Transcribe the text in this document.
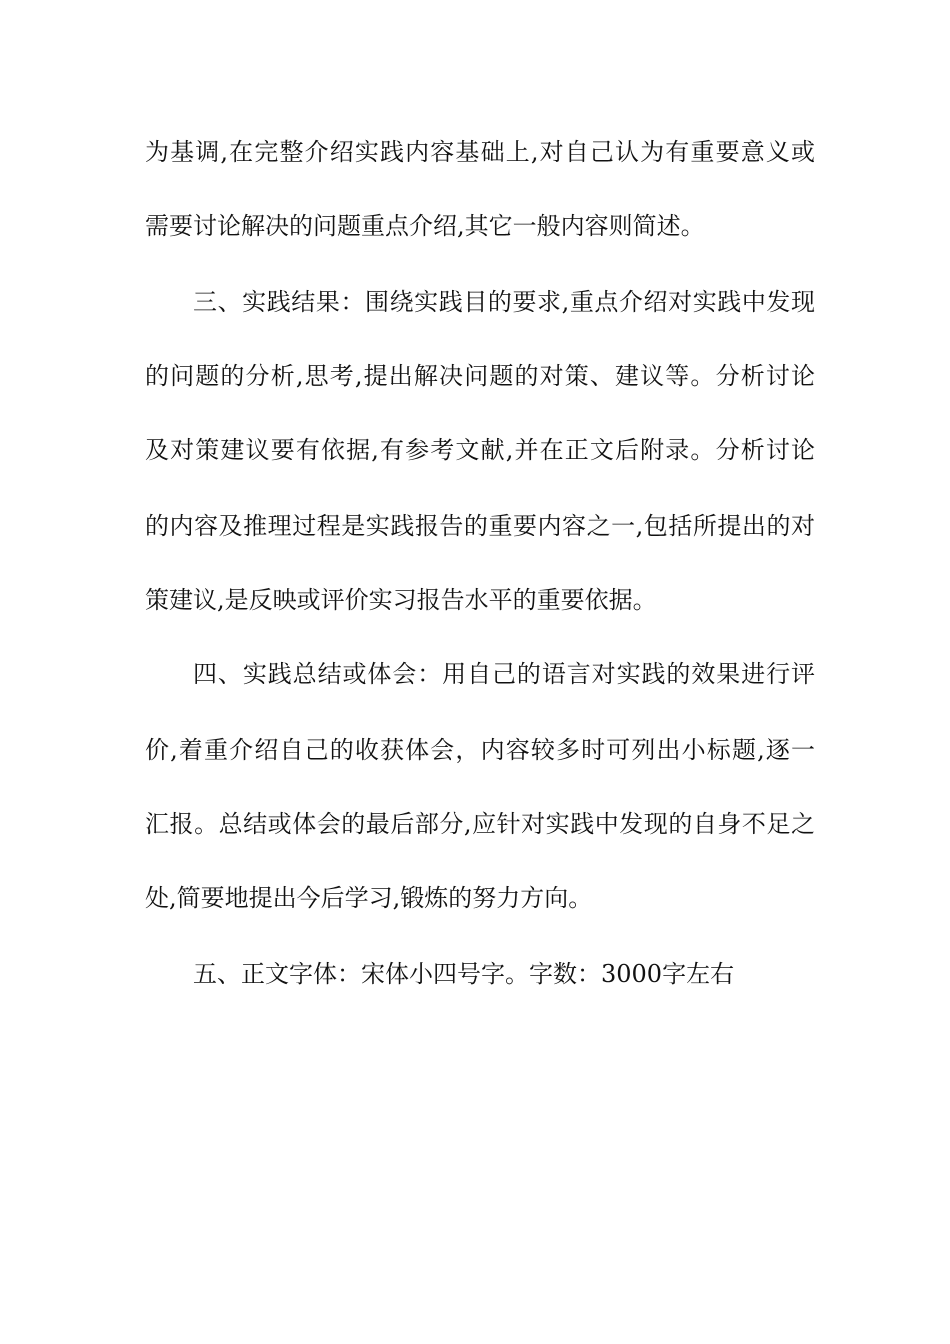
为基调,在完整介绍实践内容基础上,对自己认为有重要意义或
需要讨论解决的问题重点介绍,其它一般内容则简述。
三、实践结果：围绕实践目的要求,重点介绍对实践中发现
的问题的分析,思考,提出解决问题的对策、建议等。分析讨论
及对策建议要有依据,有参考文献,并在正文后附录。分析讨论
的内容及推理过程是实践报告的重要内容之一,包括所提出的对
策建议,是反映或评价实习报告水平的重要依据。
四、实践总结或体会：用自己的语言对实践的效果进行评
价,着重介绍自己的收获体会，内容较多时可列出小标题,逐一
汇报。总结或体会的最后部分,应针对实践中发现的自身不足之
处,简要地提出今后学习,锻炼的努力方向。
五、正文字体：宋体小四号字。字数：3000字左右
